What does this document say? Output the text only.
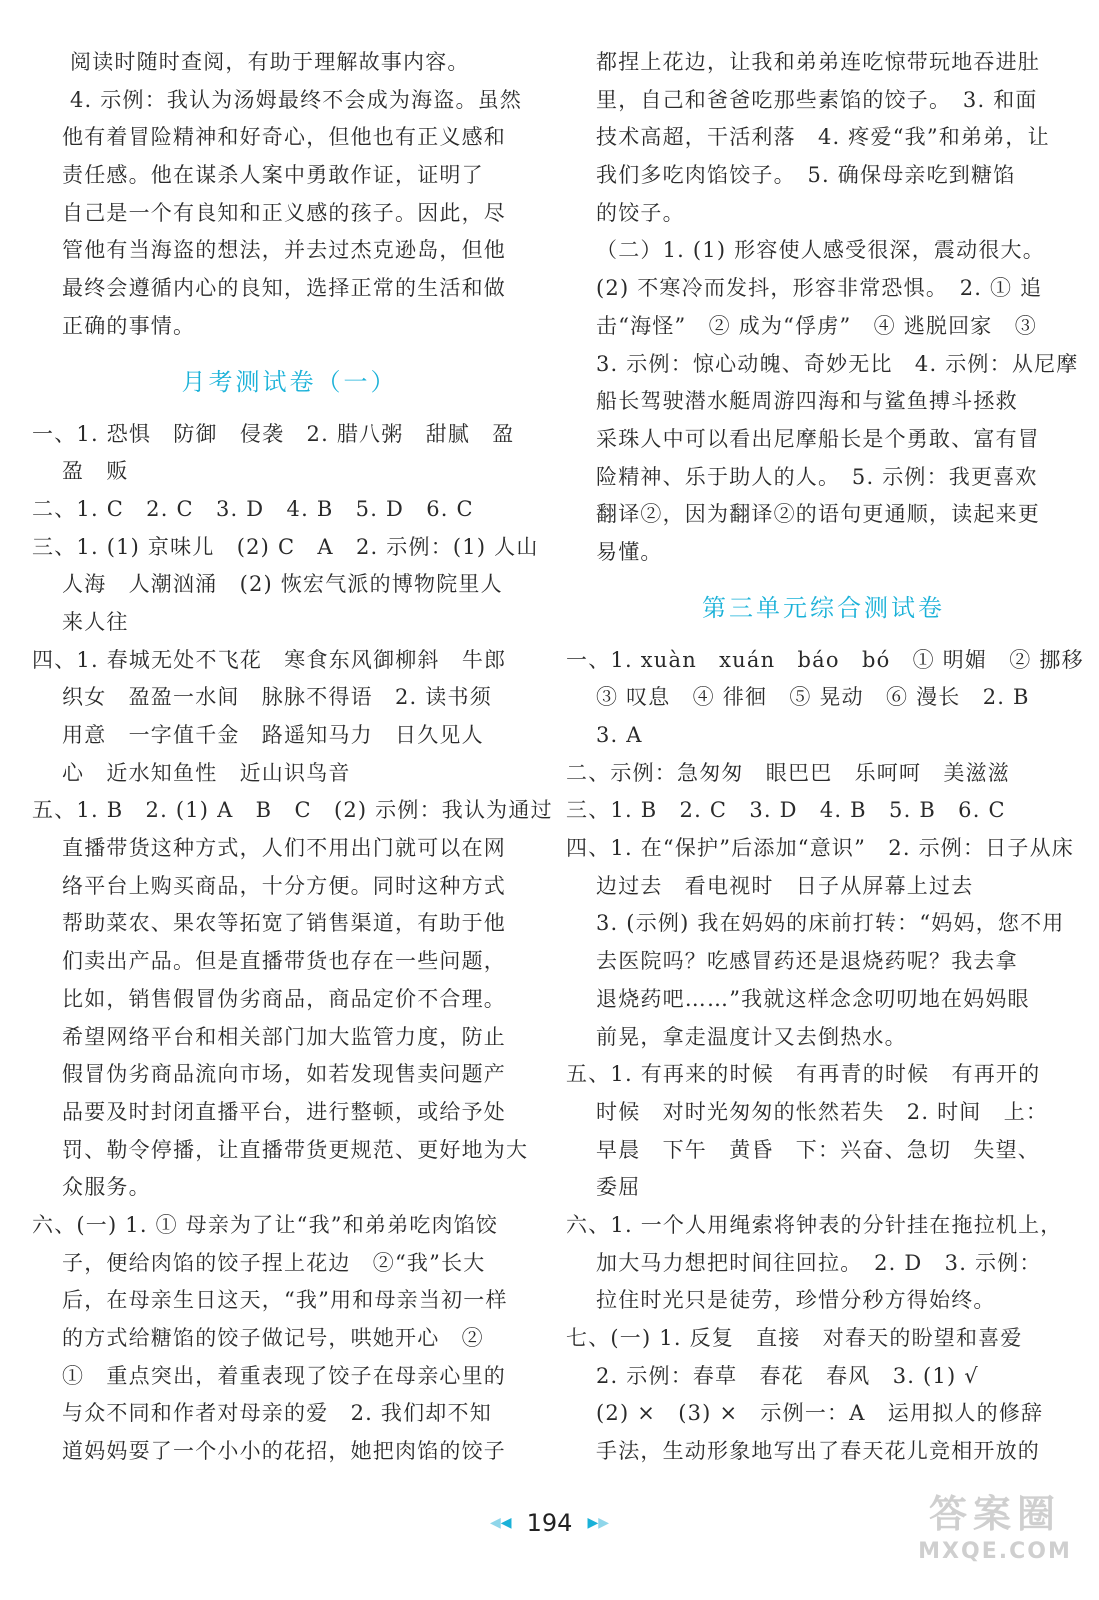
阅读时随时查阅，有助于理解故事内容。
4. 示例：我认为汤姆最终不会成为海盗。虽然
他有着冒险精神和好奇心，但他也有正义感和
责任感。他在谋杀人案中勇敢作证，证明了
自己是一个有良知和正义感的孩子。因此，尽
管他有当海盗的想法，并去过杰克逊岛，但他
最终会遵循内心的良知，选择正常的生活和做
正确的事情。
月考测试卷（一）
一、1. 恐惧　防御　侵袭　2. 腊八粥　甜腻　盈
盈　贩
二、1. C　2. C　3. D　4. B　5. D　6. C
三、1. (1) 京味儿　(2) C　A　2. 示例：(1) 人山
人海　人潮汹涌　(2) 恢宏气派的博物院里人
来人往
四、1. 春城无处不飞花　寒食东风御柳斜　牛郎
织女　盈盈一水间　脉脉不得语　2. 读书须
用意　一字值千金　路遥知马力　日久见人
心　近水知鱼性　近山识鸟音
五、1. B　2. (1) A　B　C　(2) 示例：我认为通过
直播带货这种方式，人们不用出门就可以在网
络平台上购买商品，十分方便。同时这种方式
帮助菜农、果农等拓宽了销售渠道，有助于他
们卖出产品。但是直播带货也存在一些问题，
比如，销售假冒伪劣商品，商品定价不合理。
希望网络平台和相关部门加大监管力度，防止
假冒伪劣商品流向市场，如若发现售卖问题产
品要及时封闭直播平台，进行整顿，或给予处
罚、勒令停播，让直播带货更规范、更好地为大
众服务。
六、(一) 1. ① 母亲为了让“我”和弟弟吃肉馅饺
子，便给肉馅的饺子捏上花边　②“我”长大
后，在母亲生日这天，“我”用和母亲当初一样
的方式给糖馅的饺子做记号，哄她开心　②
①　重点突出，着重表现了饺子在母亲心里的
与众不同和作者对母亲的爱　2. 我们却不知
道妈妈耍了一个小小的花招，她把肉馅的饺子
都捏上花边，让我和弟弟连吃惊带玩地吞进肚
里，自己和爸爸吃那些素馅的饺子。　3. 和面
技术高超，干活利落　4. 疼爱“我”和弟弟，让
我们多吃肉馅饺子。　5. 确保母亲吃到糖馅
的饺子。
（二）1. (1) 形容使人感受很深，震动很大。
(2) 不寒冷而发抖，形容非常恐惧。　2. ① 追
击“海怪”　② 成为“俘虏”　④ 逃脱回家　③
3. 示例：惊心动魄、奇妙无比　4. 示例：从尼摩
船长驾驶潜水艇周游四海和与鲨鱼搏斗拯救
采珠人中可以看出尼摩船长是个勇敢、富有冒
险精神、乐于助人的人。　5. 示例：我更喜欢
翻译②，因为翻译②的语句更通顺，读起来更
易懂。
第三单元综合测试卷
一、1. xuàn　xuán　báo　bó　① 明媚　② 挪移
③ 叹息　④ 徘徊　⑤ 晃动　⑥ 漫长　2. B
3. A
二、示例：急匆匆　眼巴巴　乐呵呵　美滋滋
三、1. B　2. C　3. D　4. B　5. B　6. C
四、1. 在“保护”后添加“意识”　2. 示例：日子从床
边过去　看电视时　日子从屏幕上过去
3. (示例) 我在妈妈的床前打转：“妈妈，您不用
去医院吗？吃感冒药还是退烧药呢？我去拿
退烧药吧……”我就这样念念叨叨地在妈妈眼
前晃，拿走温度计又去倒热水。
五、1. 有再来的时候　有再青的时候　有再开的
时候　对时光匆匆的怅然若失　2. 时间　上：
早晨　下午　黄昏　下：兴奋、急切　失望、
委屈
六、1. 一个人用绳索将钟表的分针挂在拖拉机上，
加大马力想把时间往回拉。　2. D　3. 示例：
拉住时光只是徒劳，珍惜分秒方得始终。
七、(一) 1. 反复　直接　对春天的盼望和喜爱
2. 示例：春草　春花　春风　3. (1) √
(2) ×　(3) ×　示例一：A　运用拟人的修辞
手法，生动形象地写出了春天花儿竞相开放的
◀◀ 194 ▶▶	答案圈
MXQE.COM
